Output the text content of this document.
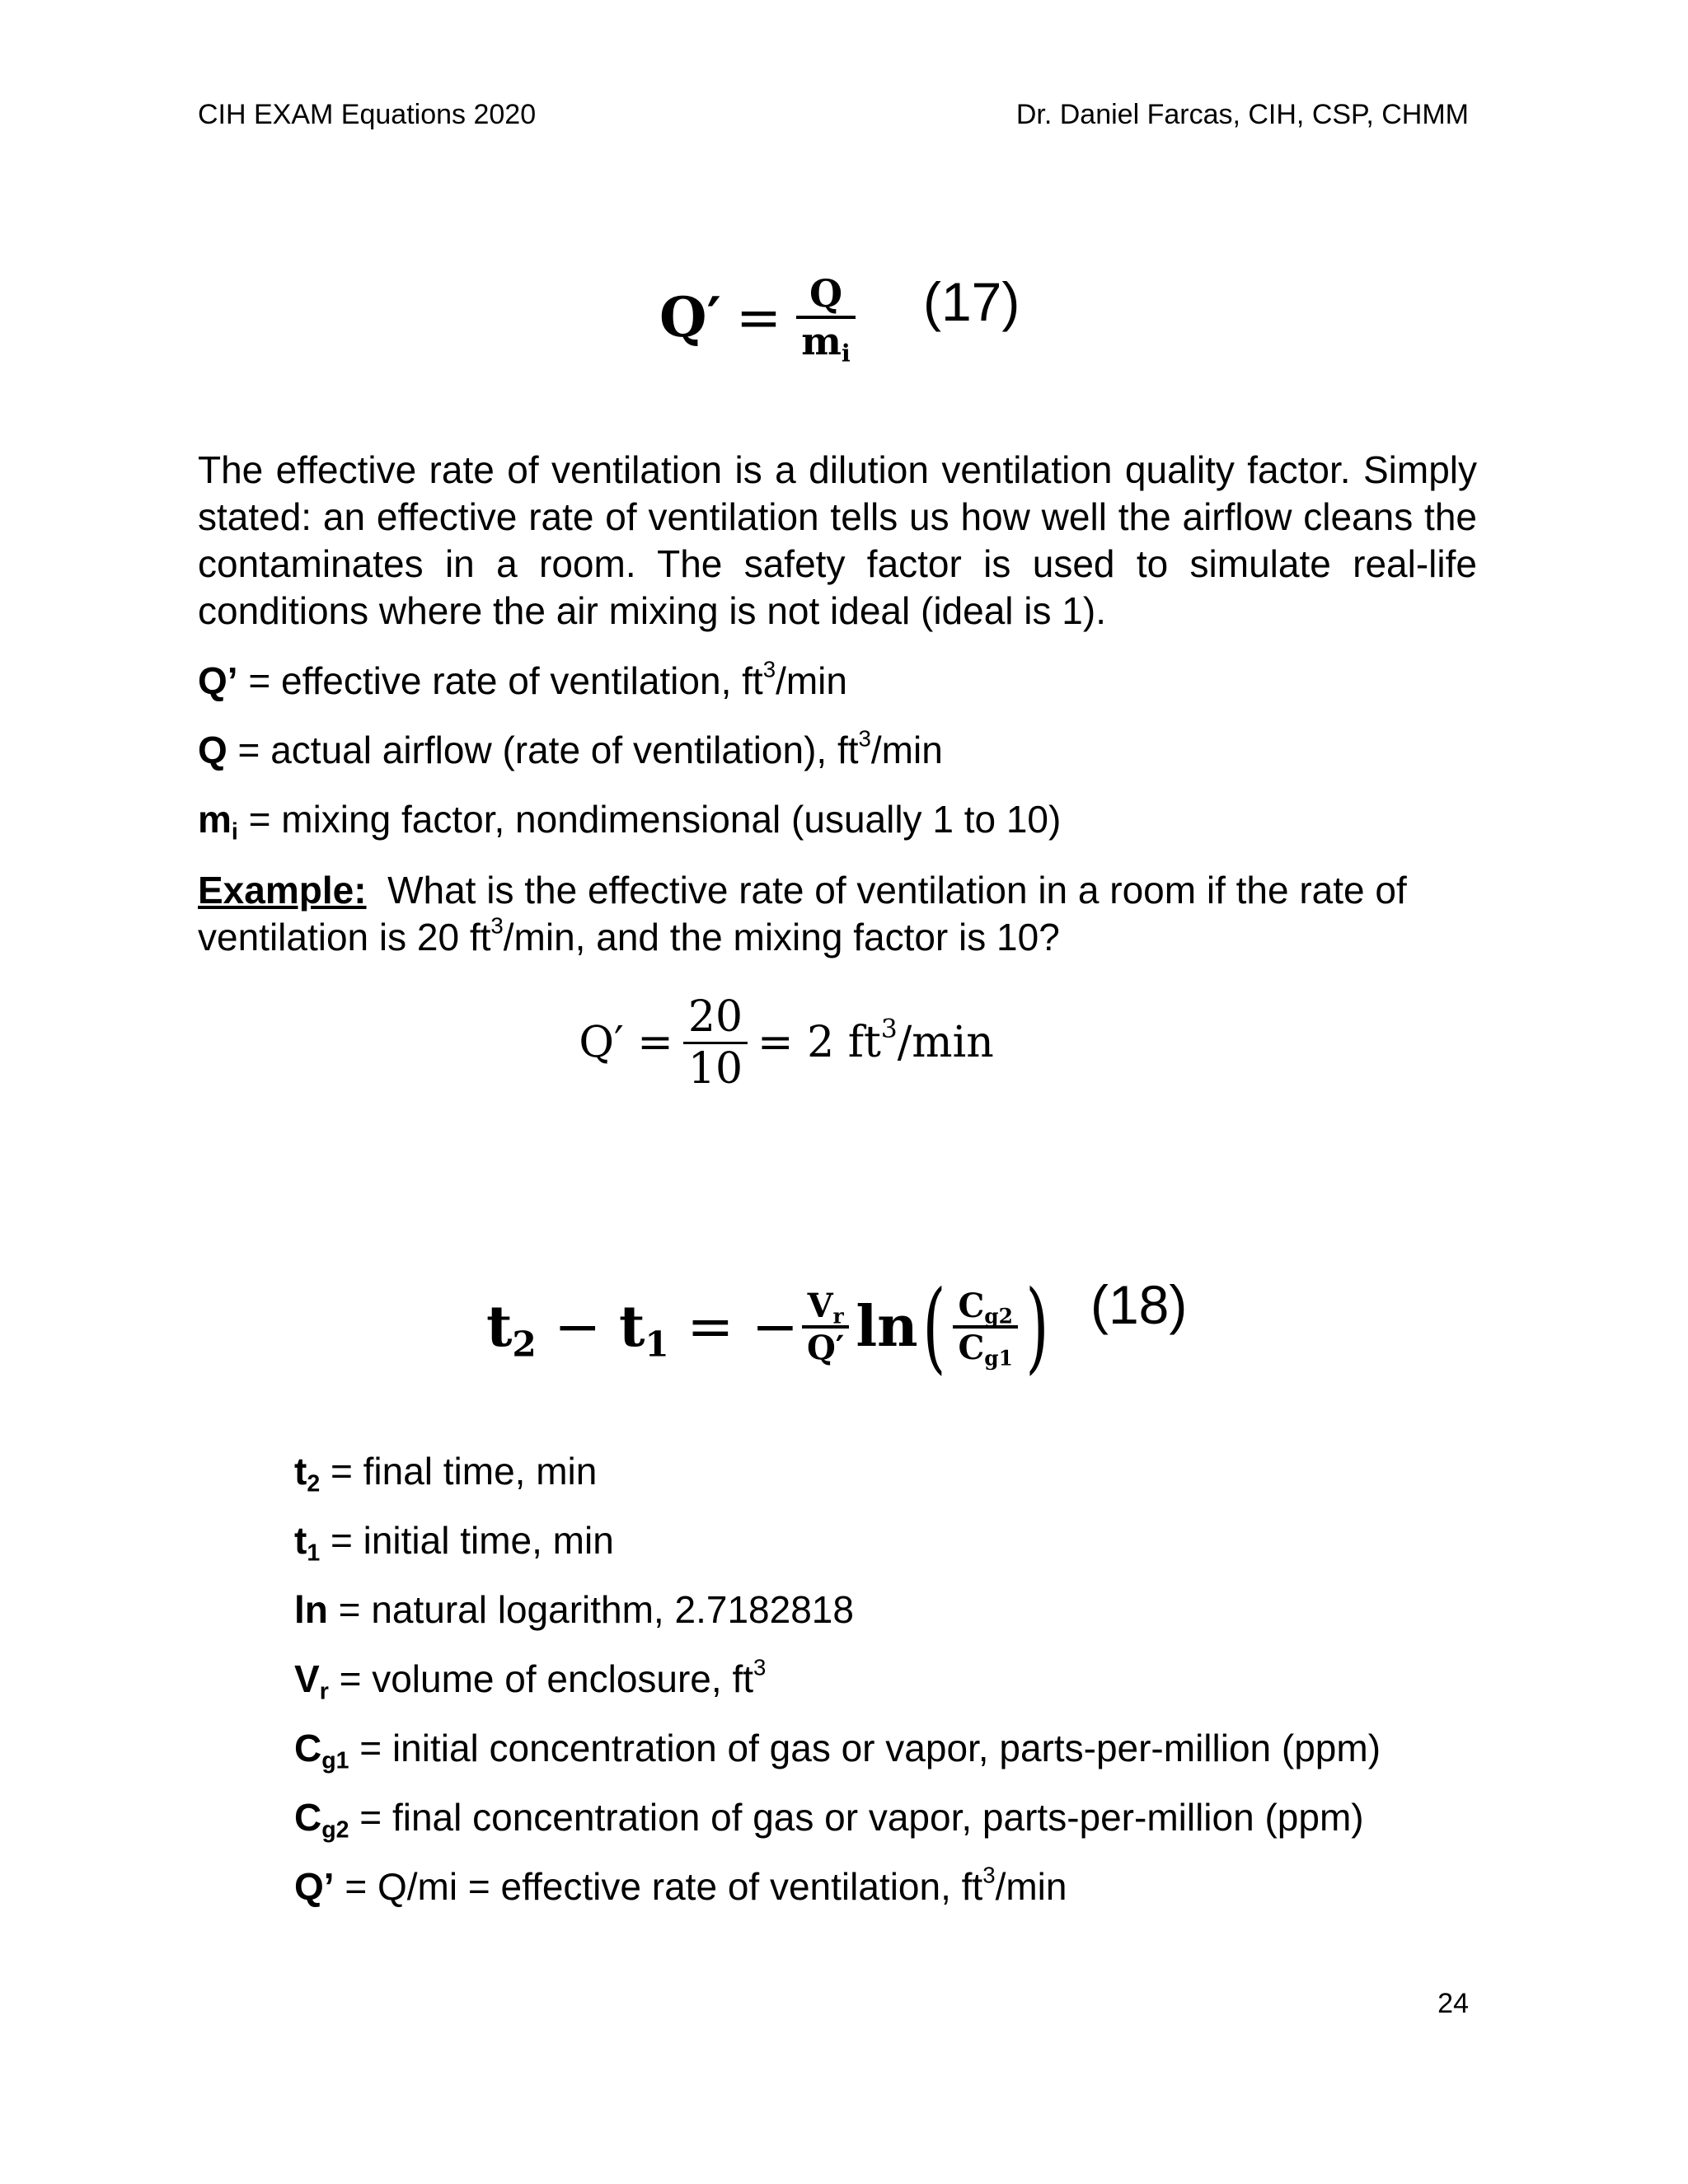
CIH EXAM Equations 2020	Dr. Daniel Farcas, CIH, CSP, CHMM
$Q' = \frac{Q}{m_i} (17)$
The effective rate of ventilation is a dilution ventilation quality factor. Simply stated: an effective rate of ventilation tells us how well the airflow cleans the contaminates in a room. The safety factor is used to simulate real-life conditions where the air mixing is not ideal (ideal is 1).
Q’ = effective rate of ventilation, $ft^3/\min$
Q = actual airflow (rate of ventilation), $ft^3/\min$
$m_i$ = mixing factor, nondimensional (usually 1 to 10)
Example:  What is the effective rate of ventilation in a room if the rate of
ventilation is 20 $ft^3/\min$, and the mixing factor is 10?
$Q' = \frac{20}{10} = 2$ $ft^3/\min$
$t_2 - t_1$ = − $\frac{V_r}{Q'}$ ln ( $\frac{C_{g2}}{C_{g1}}$ ) (18)
$t_2$ = final time, min
$t_1$ = initial time, min
ln = natural logarithm, 2.7182818
$V_r$ = volume of enclosure, $ft^3$
$C_{g1}$ = initial concentration of gas or vapor, parts-per-million (ppm)
$C_{g2}$ = final concentration of gas or vapor, parts-per-million (ppm)
Q’ = Q/mi = effective rate of ventilation, $ft^3/\min$
24
